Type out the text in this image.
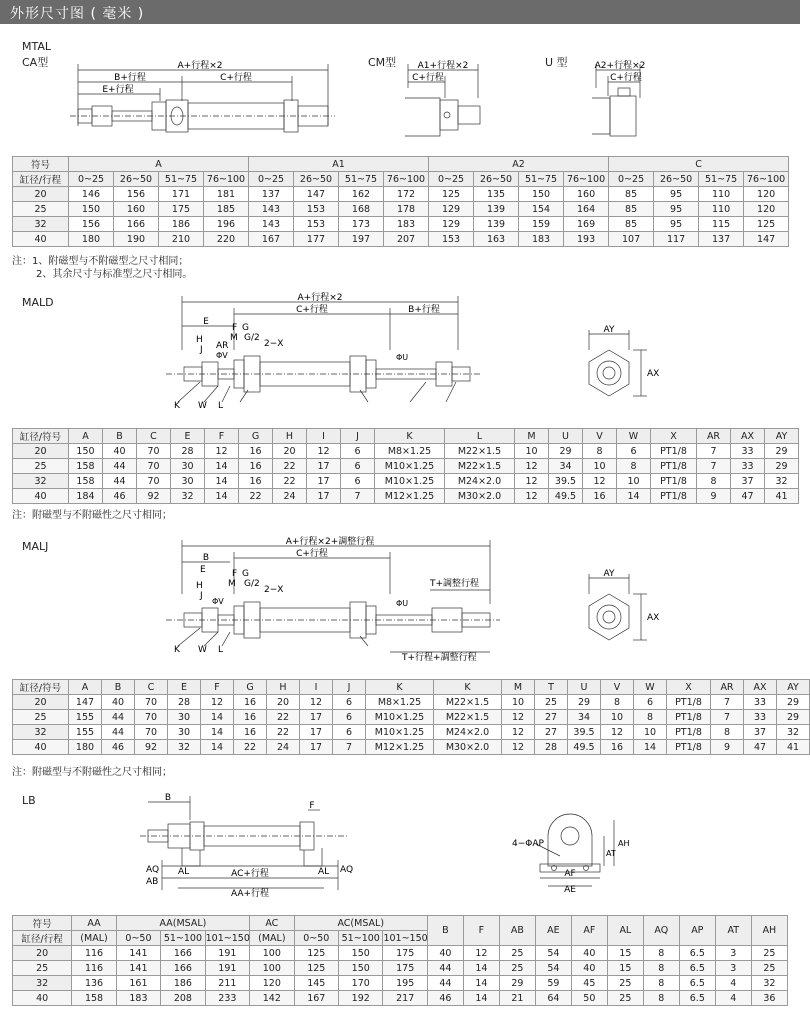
外形尺寸图 ( 毫米 )
MTAL
CA型	A+行程×2
B+行程	C+行程
E+行程
CM型 A1+行程×2
C+行程
U 型	A2+行程×2
C+行程
符号	A				A1				A2				C			
缸径/行程	0~25	26~50	51~75	76~100	0~25	26~50	51~75	76~100	0~25	26~50	51~75	76~100	0~25	26~50	51~75	76~100
20	146	156	171	181	137	147	162	172	125	135	150	160	85	95	110	120
25	150	160	175	185	143	153	168	178	129	139	154	164	85	95	110	120
32	156	166	186	196	143	153	173	183	129	139	159	169	85	95	115	125
40	180	190	210	220	167	177	197	207	153	163	183	193	107	117	137	147
注：1、附磁型与不附磁型之尺寸相同；
2、其余尺寸与标准型之尺寸相同。
MALD	A+行程×2
C+行程	B+行程
E
F G
M G/2
2−X
H
J AR
ΦV	ΦU
K W L
AY
AX
缸径/符号	A	B	C	E	F	G	H	I	J	K	L	M	U	V	W	X	AR	AX	AY
20	150	40	70	28	12	16	20	12	6	M8×1.25	M22×1.5	10	29	8	6	PT1/8	7	33	29
25	158	44	70	30	14	16	22	17	6	M10×1.25	M22×1.5	12	34	10	8	PT1/8	7	33	29
32	158	44	70	30	14	16	22	17	6	M10×1.25	M24×2.0	12	39.5	12	10	PT1/8	8	37	32
40	184	46	92	32	14	22	24	17	7	M12×1.25	M30×2.0	12	49.5	16	14	PT1/8	9	47	41
注：附磁型与不附磁性之尺寸相同；
MALJ	A+行程×2+調整行程
B	C+行程
E	F G
M G/2
2−X
H
J
ΦV	ΦU
T+調整行程
T+行程+調整行程
K W L
AY
AX
缸径/符号	A	B	C	E	F	G	H	I	J	K	K	M	T	U	V	W	X	AR	AX	AY
20	147	40	70	28	12	16	20	12	6	M8×1.25	M22×1.5	10	25	29	8	6	PT1/8	7	33	29
25	155	44	70	30	14	16	22	17	6	M10×1.25	M22×1.5	12	27	34	10	8	PT1/8	7	33	29
32	155	44	70	30	14	16	22	17	6	M10×1.25	M24×2.0	12	27	39.5	12	10	PT1/8	8	37	32
40	180	46	92	32	14	22	24	17	7	M12×1.25	M30×2.0	12	28	49.5	16	14	PT1/8	9	47	41
注：附磁型与不附磁性之尺寸相同；
LB	B
F
AQ
AB
AL	AL AQ
AC+行程
AA+行程
4−ΦAP
AT
AH
AF
AE
符号	AA	AA(MSAL)			AC	AC(MSAL)			B	F	AB	AE	AF	AL	AQ	AP	AT	AH
缸径/行程	(MAL)	0~50	51~100	101~150	(MAL)	0~50	51~100	101~150										
20	116	141	166	191	100	125	150	175	40	12	25	54	40	15	8	6.5	3	25
25	116	141	166	191	100	125	150	175	44	14	25	54	40	15	8	6.5	3	25
32	136	161	186	211	120	145	170	195	44	14	29	59	45	25	8	6.5	4	32
40	158	183	208	233	142	167	192	217	46	14	21	64	50	25	8	6.5	4	36
